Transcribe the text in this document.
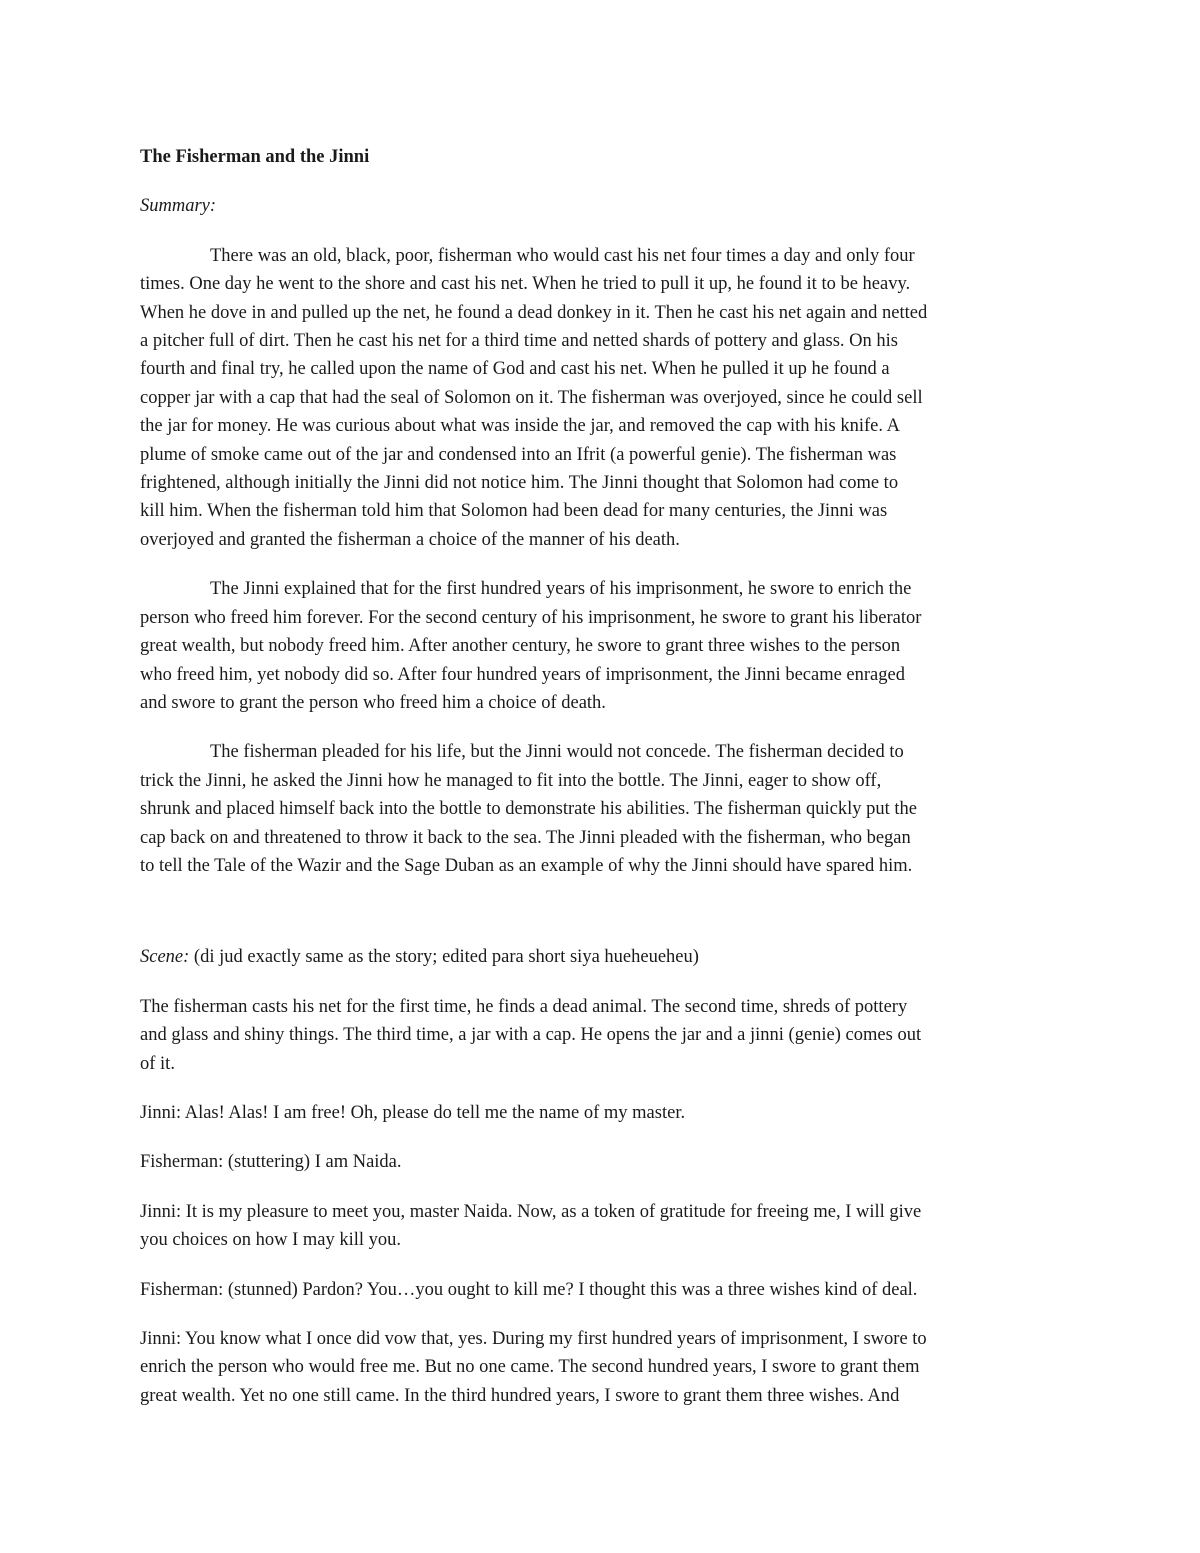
The Fisherman and the Jinni

Summary:

There was an old, black, poor, fisherman who would cast his net four times a day and only four
times. One day he went to the shore and cast his net. When he tried to pull it up, he found it to be heavy.
When he dove in and pulled up the net, he found a dead donkey in it. Then he cast his net again and netted
a pitcher full of dirt. Then he cast his net for a third time and netted shards of pottery and glass. On his
fourth and final try, he called upon the name of God and cast his net. When he pulled it up he found a
copper jar with a cap that had the seal of Solomon on it. The fisherman was overjoyed, since he could sell
the jar for money. He was curious about what was inside the jar, and removed the cap with his knife. A
plume of smoke came out of the jar and condensed into an Ifrit (a powerful genie). The fisherman was
frightened, although initially the Jinni did not notice him. The Jinni thought that Solomon had come to
kill him. When the fisherman told him that Solomon had been dead for many centuries, the Jinni was
overjoyed and granted the fisherman a choice of the manner of his death.

The Jinni explained that for the first hundred years of his imprisonment, he swore to enrich the
person who freed him forever. For the second century of his imprisonment, he swore to grant his liberator
great wealth, but nobody freed him. After another century, he swore to grant three wishes to the person
who freed him, yet nobody did so. After four hundred years of imprisonment, the Jinni became enraged
and swore to grant the person who freed him a choice of death.

The fisherman pleaded for his life, but the Jinni would not concede. The fisherman decided to
trick the Jinni, he asked the Jinni how he managed to fit into the bottle. The Jinni, eager to show off,
shrunk and placed himself back into the bottle to demonstrate his abilities. The fisherman quickly put the
cap back on and threatened to throw it back to the sea. The Jinni pleaded with the fisherman, who began
to tell the Tale of the Wazir and the Sage Duban as an example of why the Jinni should have spared him.

Scene: (di jud exactly same as the story; edited para short siya hueheueheu)

The fisherman casts his net for the first time, he finds a dead animal. The second time, shreds of pottery
and glass and shiny things. The third time, a jar with a cap. He opens the jar and a jinni (genie) comes out
of it.

Jinni: Alas! Alas! I am free! Oh, please do tell me the name of my master.

Fisherman: (stuttering) I am Naida.

Jinni: It is my pleasure to meet you, master Naida. Now, as a token of gratitude for freeing me, I will give
you choices on how I may kill you.

Fisherman: (stunned) Pardon? You…you ought to kill me? I thought this was a three wishes kind of deal.

Jinni: You know what I once did vow that, yes. During my first hundred years of imprisonment, I swore to
enrich the person who would free me. But no one came. The second hundred years, I swore to grant them
great wealth. Yet no one still came. In the third hundred years, I swore to grant them three wishes. And
